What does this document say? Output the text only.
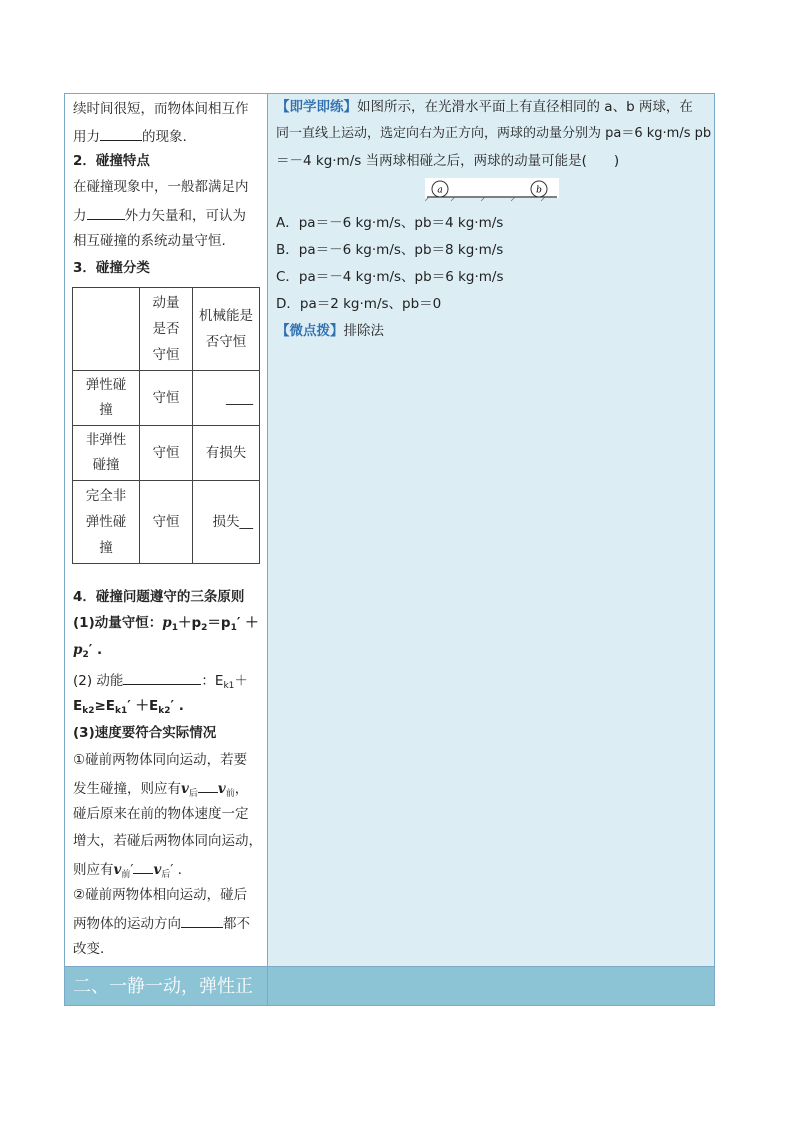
续时间很短，而物体间相互作
用力	的现象.
2．碰撞特点
在碰撞现象中，一般都满足内
力	外力矢量和，可认为
相互碰撞的系统动量守恒.
3．碰撞分类
	动量
是否
守恒	机械能是
否守恒
弹性碰
撞	守恒	____
非弹性
碰撞	守恒	有损失
完全非
弹性碰
撞	守恒	损失__
4．碰撞问题遵守的三条原则
(1)动量守恒：$p_1+p_2=p_1'$ ＋
$p_2'$ .
(2) 动能	：$E_{k1}+$
$E_{k2}\ge E_{k1}' +E_{k2}'$ .
(3)速度要符合实际情况
①碰前两物体同向运动，若要
发生碰撞，则应有$v_后$ $v_前$，
碰后原来在前的物体速度一定
增大，若碰后两物体同向运动，
则应有$v_前'$ $v_后'$ .
②碰前两物体相向运动，碰后
两物体的运动方向	都不
改变.
【即学即练】如图所示，在光滑水平面上有直径相同的 a、b 两球，在
同一直线上运动，选定向右为正方向，两球的动量分别为 pa＝6 kg·m/s pb
＝－4 kg·m/s 当两球相碰之后，两球的动量可能是(　　)
a	b
A．pa＝－6 kg·m/s、pb＝4 kg·m/s
B．pa＝－6 kg·m/s、pb＝8 kg·m/s
C．pa＝－4 kg·m/s、pb＝6 kg·m/s
D．pa＝2 kg·m/s、pb＝0
【微点拨】排除法
二、一静一动，弹性正
